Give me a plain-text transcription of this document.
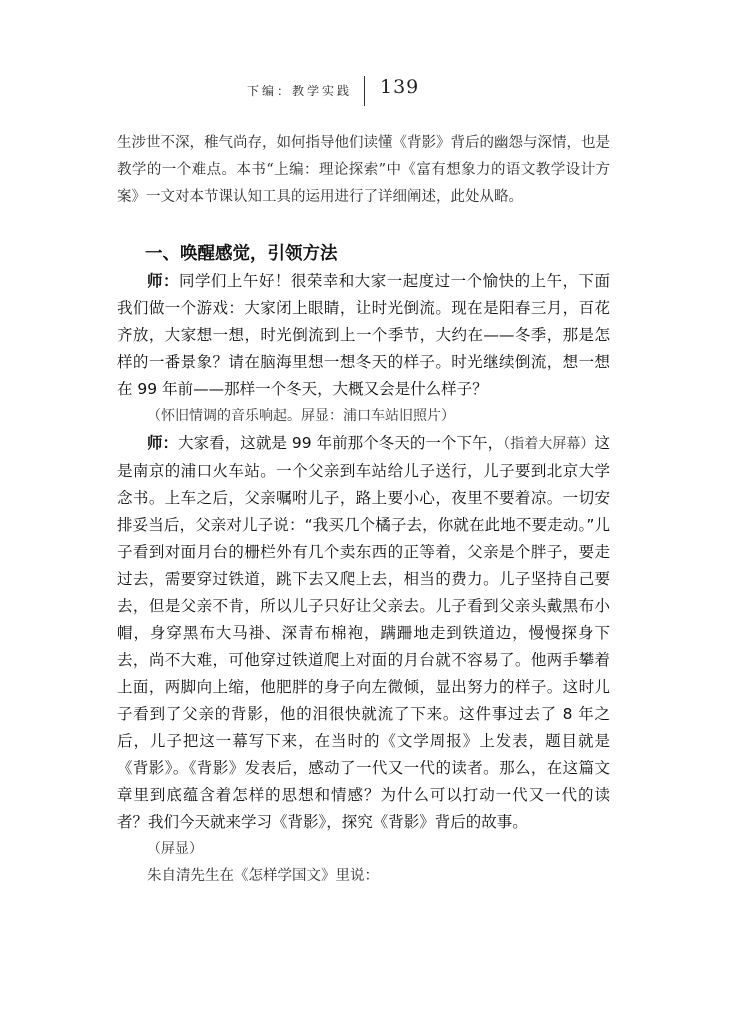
下编：教学实践 139

生涉世不深，稚气尚存，如何指导他们读懂《背影》背后的幽怨与深情，也是教学的一个难点。本书“上编：理论探索”中《富有想象力的语文教学设计方案》一文对本节课认知工具的运用进行了详细阐述，此处从略。

一、唤醒感觉，引领方法

师：同学们上午好！很荣幸和大家一起度过一个愉快的上午，下面我们做一个游戏：大家闭上眼睛，让时光倒流。现在是阳春三月，百花齐放，大家想一想，时光倒流到上一个季节，大约在——冬季，那是怎样的一番景象？请在脑海里想一想冬天的样子。时光继续倒流，想一想在 99 年前——那样一个冬天，大概又会是什么样子？

（怀旧情调的音乐响起。屏显：浦口车站旧照片）

师：大家看，这就是 99 年前那个冬天的一个下午，（指着大屏幕）这是南京的浦口火车站。一个父亲到车站给儿子送行，儿子要到北京大学念书。上车之后，父亲嘱咐儿子，路上要小心，夜里不要着凉。一切安排妥当后，父亲对儿子说：“我买几个橘子去，你就在此地不要走动。”儿子看到对面月台的栅栏外有几个卖东西的正等着，父亲是个胖子，要走过去，需要穿过铁道，跳下去又爬上去，相当的费力。儿子坚持自己要去，但是父亲不肯，所以儿子只好让父亲去。儿子看到父亲头戴黑布小帽，身穿黑布大马褂、深青布棉袍，蹒跚地走到铁道边，慢慢探身下去，尚不大难，可他穿过铁道爬上对面的月台就不容易了。他两手攀着上面，两脚向上缩，他肥胖的身子向左微倾，显出努力的样子。这时儿子看到了父亲的背影，他的泪很快就流了下来。这件事过去了 8 年之后，儿子把这一幕写下来，在当时的《文学周报》上发表，题目就是《背影》。《背影》发表后，感动了一代又一代的读者。那么，在这篇文章里到底蕴含着怎样的思想和情感？为什么可以打动一代又一代的读者？我们今天就来学习《背影》，探究《背影》背后的故事。

（屏显）

朱自清先生在《怎样学国文》里说：
